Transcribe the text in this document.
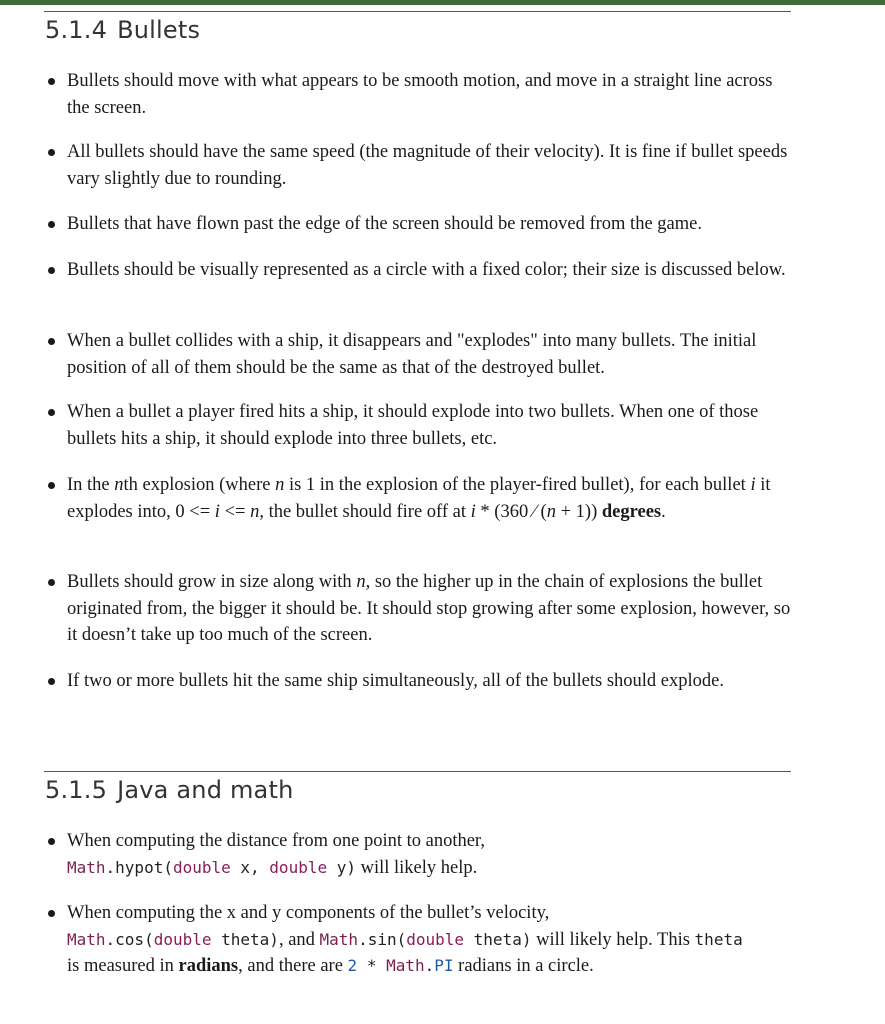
5.1.4 Bullets
Bullets should move with what appears to be smooth motion, and move in a straight line across the screen.
All bullets should have the same speed (the magnitude of their velocity). It is fine if bullet speeds vary slightly due to rounding.
Bullets that have flown past the edge of the screen should be removed from the game.
Bullets should be visually represented as a circle with a fixed color; their size is discussed below.
When a bullet collides with a ship, it disappears and "explodes" into many bullets. The initial position of all of them should be the same as that of the destroyed bullet.
When a bullet a player fired hits a ship, it should explode into two bullets. When one of those bullets hits a ship, it should explode into three bullets, etc.
In the nth explosion (where n is 1 in the explosion of the player-fired bullet), for each bullet i it explodes into, 0 <= i <= n, the bullet should fire off at i * (360 ⁄ (n + 1)) degrees.
Bullets should grow in size along with n, so the higher up in the chain of explosions the bullet originated from, the bigger it should be. It should stop growing after some explosion, however, so it doesn’t take up too much of the screen.
If two or more bullets hit the same ship simultaneously, all of the bullets should explode.
5.1.5 Java and math
When computing the distance from one point to another,
Math.hypot(double x, double y) will likely help.
When computing the x and y components of the bullet’s velocity,
Math.cos(double theta), and Math.sin(double theta) will likely help. This theta
is measured in radians, and there are 2 * Math.PI radians in a circle.
